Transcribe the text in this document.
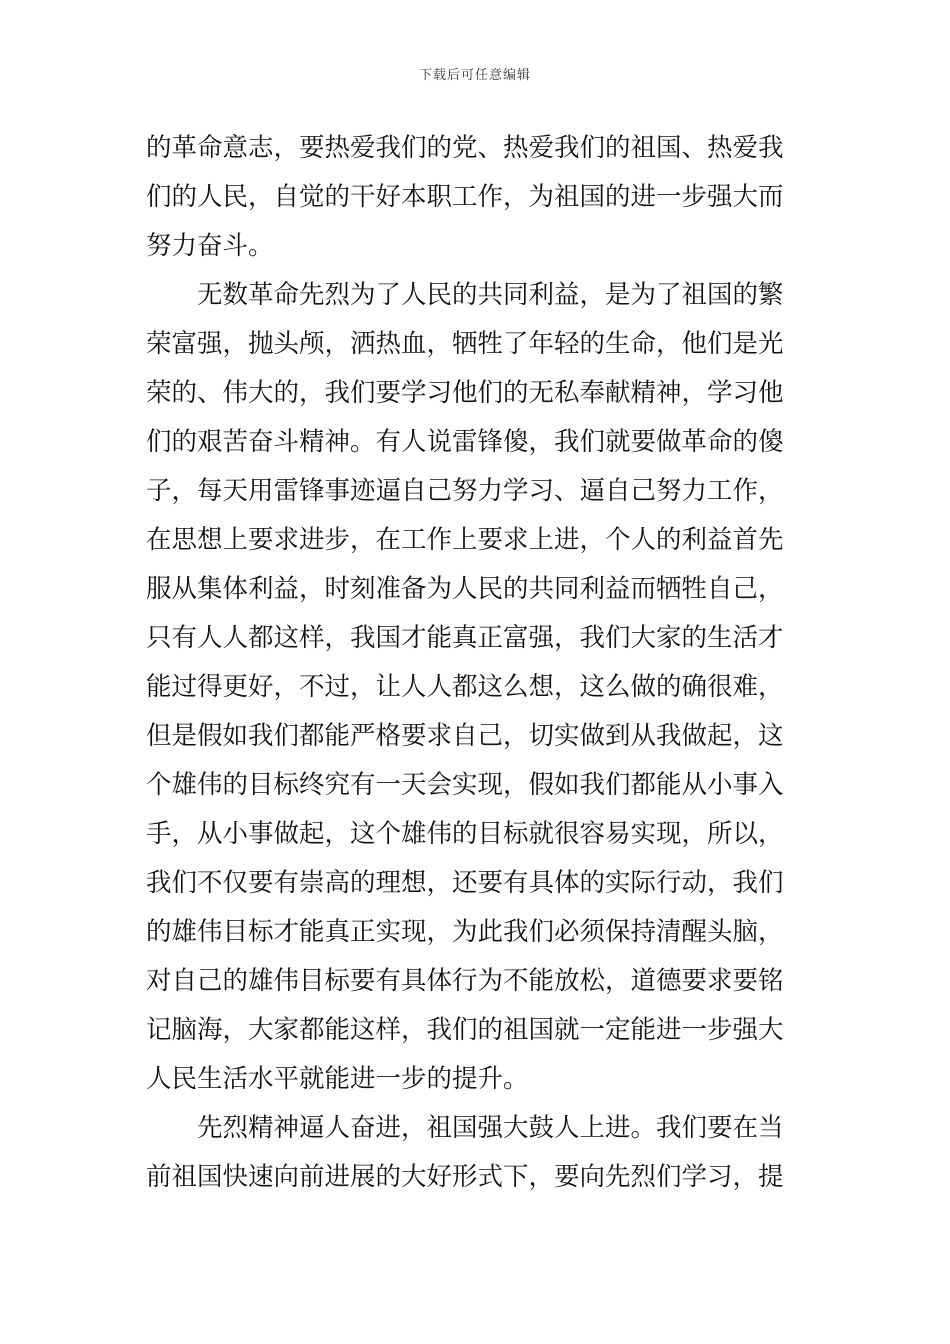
下载后可任意编辑
的革命意志，要热爱我们的党、热爱我们的祖国、热爱我
们的人民，自觉的干好本职工作，为祖国的进一步强大而
努力奋斗。
　　无数革命先烈为了人民的共同利益，是为了祖国的繁
荣富强，抛头颅，洒热血，牺牲了年轻的生命，他们是光
荣的、伟大的，我们要学习他们的无私奉献精神，学习他
们的艰苦奋斗精神。有人说雷锋傻，我们就要做革命的傻
子，每天用雷锋事迹逼自己努力学习、逼自己努力工作，
在思想上要求进步，在工作上要求上进，个人的利益首先
服从集体利益，时刻准备为人民的共同利益而牺牲自己，
只有人人都这样，我国才能真正富强，我们大家的生活才
能过得更好，不过，让人人都这么想，这么做的确很难，
但是假如我们都能严格要求自己，切实做到从我做起，这
个雄伟的目标终究有一天会实现，假如我们都能从小事入
手，从小事做起，这个雄伟的目标就很容易实现，所以，
我们不仅要有崇高的理想，还要有具体的实际行动，我们
的雄伟目标才能真正实现，为此我们必须保持清醒头脑，
对自己的雄伟目标要有具体行为不能放松，道德要求要铭
记脑海，大家都能这样，我们的祖国就一定能进一步强大
人民生活水平就能进一步的提升。
　　先烈精神逼人奋进，祖国强大鼓人上进。我们要在当
前祖国快速向前进展的大好形式下，要向先烈们学习，提
